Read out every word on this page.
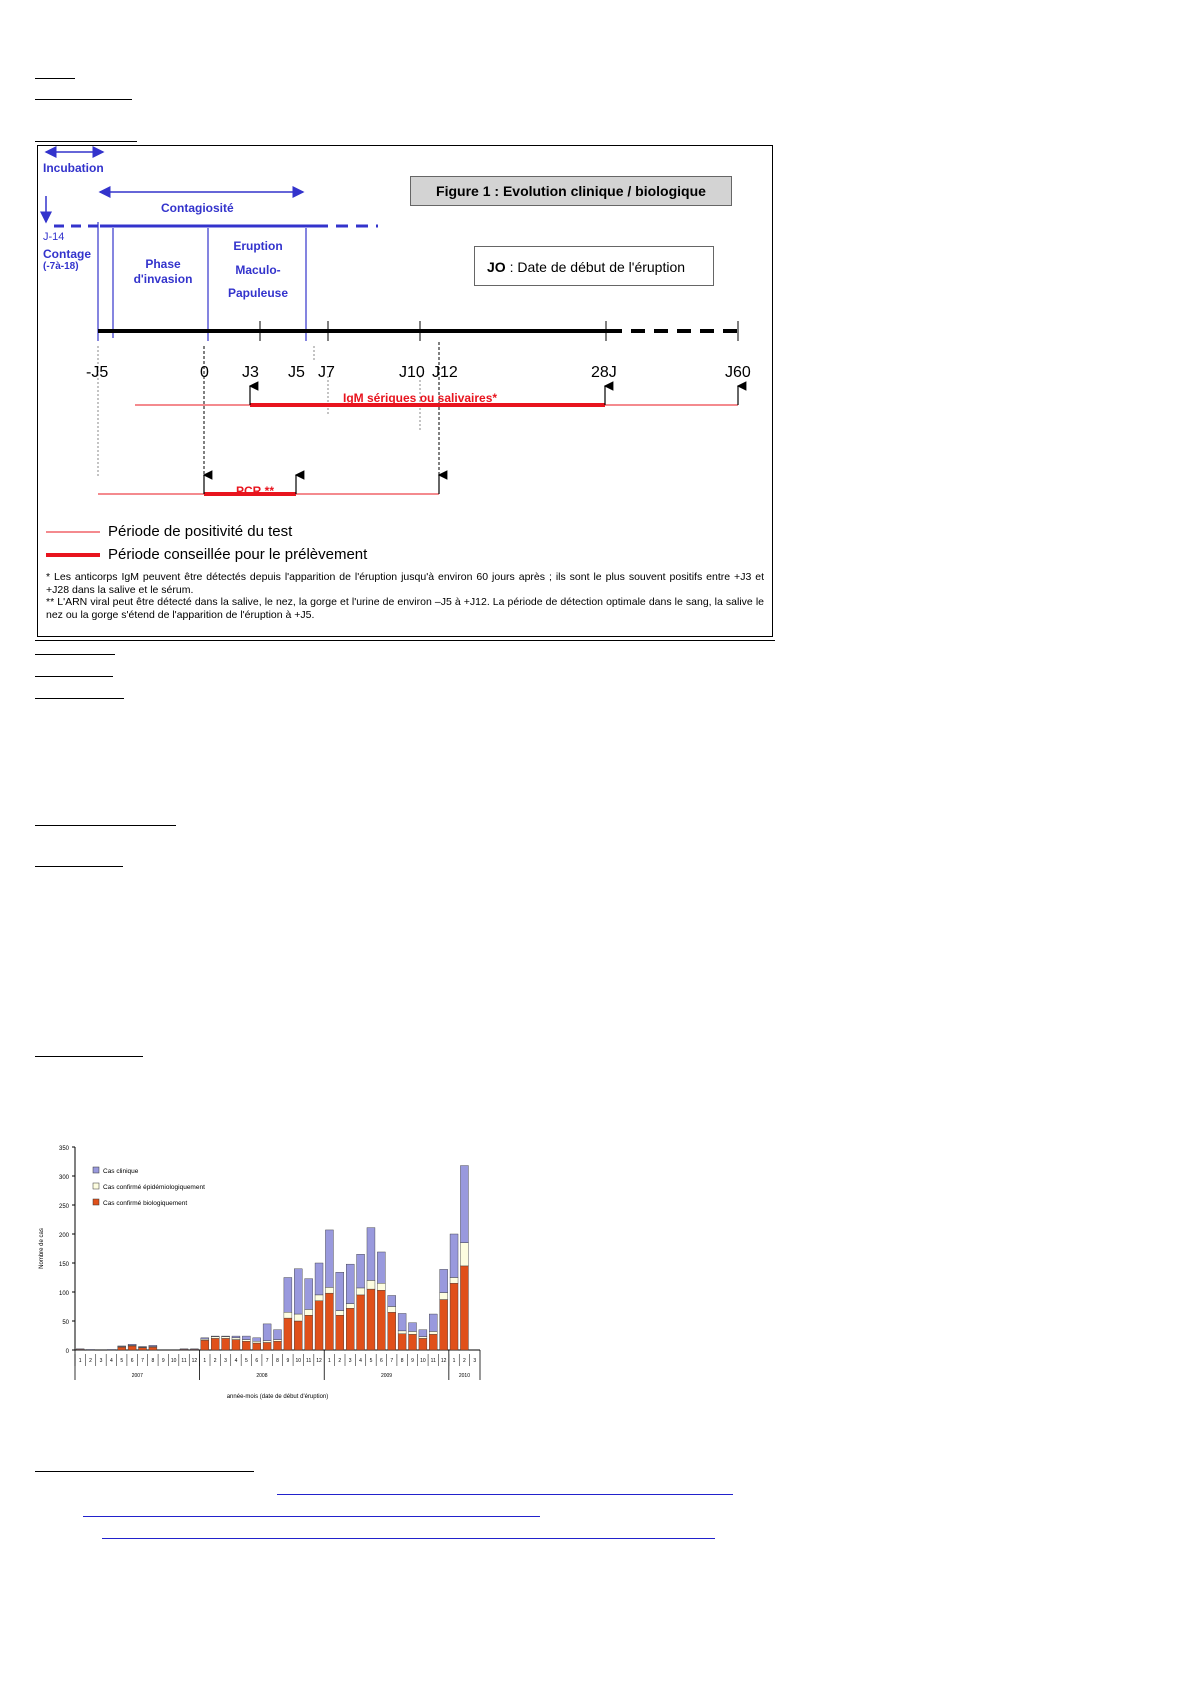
Figure 1 : Evolution clinique / biologique
JO : Date de début de l'éruption
Incubation
Contagiosité
J-14
Contage
(-7à-18)	Phase
d'invasion
Eruption
Maculo-
Papuleuse
-J5	0 J3 J5 J7	J10 J12	28J	J60
IgM sériques ou salivaires*
PCR **
Période de positivité du test
Période conseillée pour le prélèvement
* Les anticorps IgM peuvent être détectés depuis l'apparition de l'éruption jusqu'à environ 60 jours après ; ils sont le plus souvent positifs entre +J3 et +J28 dans la salive et le sérum.
** L'ARN viral peut être détecté dans la salive, le nez, la gorge et l'urine de environ –J5 à +J12. La période de détection optimale dans le sang, la salive le nez ou la gorge s'étend de l'apparition de l'éruption à +J5.
0
50
100
150
200
250
300
350
Nombre de cas
1 2 3 4 5 6 7 8 9 10 11 12 1 2 3 4 5 6 7 8 9 10 11 12 1 2 3 4 5 6 7 8 9 10 11 12 1 2 3
2007	2008	2009	2010
année-mois (date de début d'éruption)
Cas clinique
Cas confirmé épidémiologiquement
Cas confirmé biologiquement
